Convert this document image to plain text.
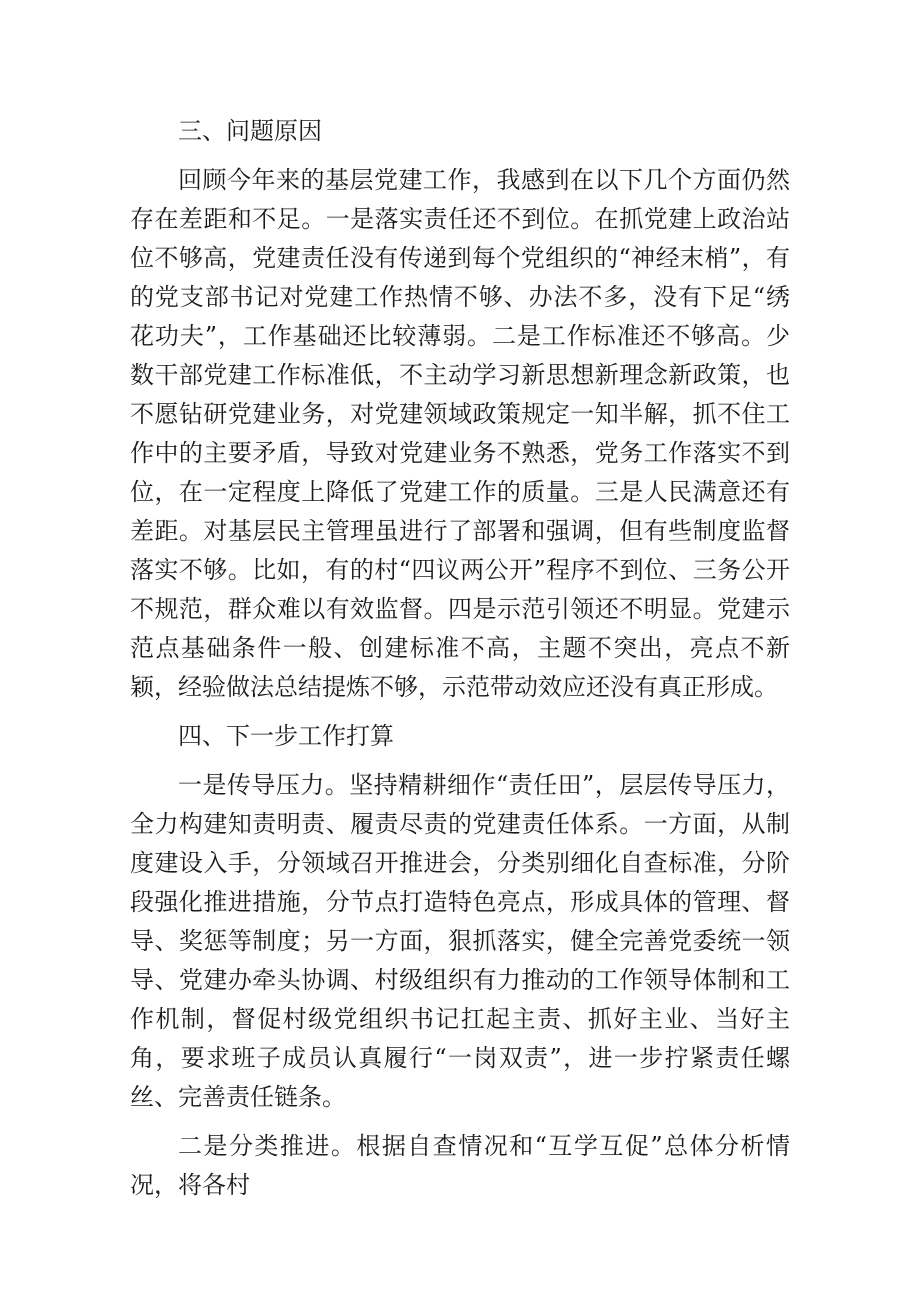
三、问题原因

回顾今年来的基层党建工作，我感到在以下几个方面仍然存在差距和不足。一是落实责任还不到位。在抓党建上政治站位不够高，党建责任没有传递到每个党组织的“神经末梢”，有的党支部书记对党建工作热情不够、办法不多，没有下足“绣花功夫”，工作基础还比较薄弱。二是工作标准还不够高。少数干部党建工作标准低，不主动学习新思想新理念新政策，也不愿钻研党建业务，对党建领域政策规定一知半解，抓不住工作中的主要矛盾，导致对党建业务不熟悉，党务工作落实不到位，在一定程度上降低了党建工作的质量。三是人民满意还有差距。对基层民主管理虽进行了部署和强调，但有些制度监督落实不够。比如，有的村“四议两公开”程序不到位、三务公开不规范，群众难以有效监督。四是示范引领还不明显。党建示范点基础条件一般、创建标准不高，主题不突出，亮点不新颖，经验做法总结提炼不够，示范带动效应还没有真正形成。

四、下一步工作打算

一是传导压力。坚持精耕细作“责任田”，层层传导压力，全力构建知责明责、履责尽责的党建责任体系。一方面，从制度建设入手，分领域召开推进会，分类别细化自查标准，分阶段强化推进措施，分节点打造特色亮点，形成具体的管理、督导、奖惩等制度；另一方面，狠抓落实，健全完善党委统一领导、党建办牵头协调、村级组织有力推动的工作领导体制和工作机制，督促村级党组织书记扛起主责、抓好主业、当好主角，要求班子成员认真履行“一岗双责”，进一步拧紧责任螺丝、完善责任链条。

二是分类推进。根据自查情况和“互学互促”总体分析情况，将各村
